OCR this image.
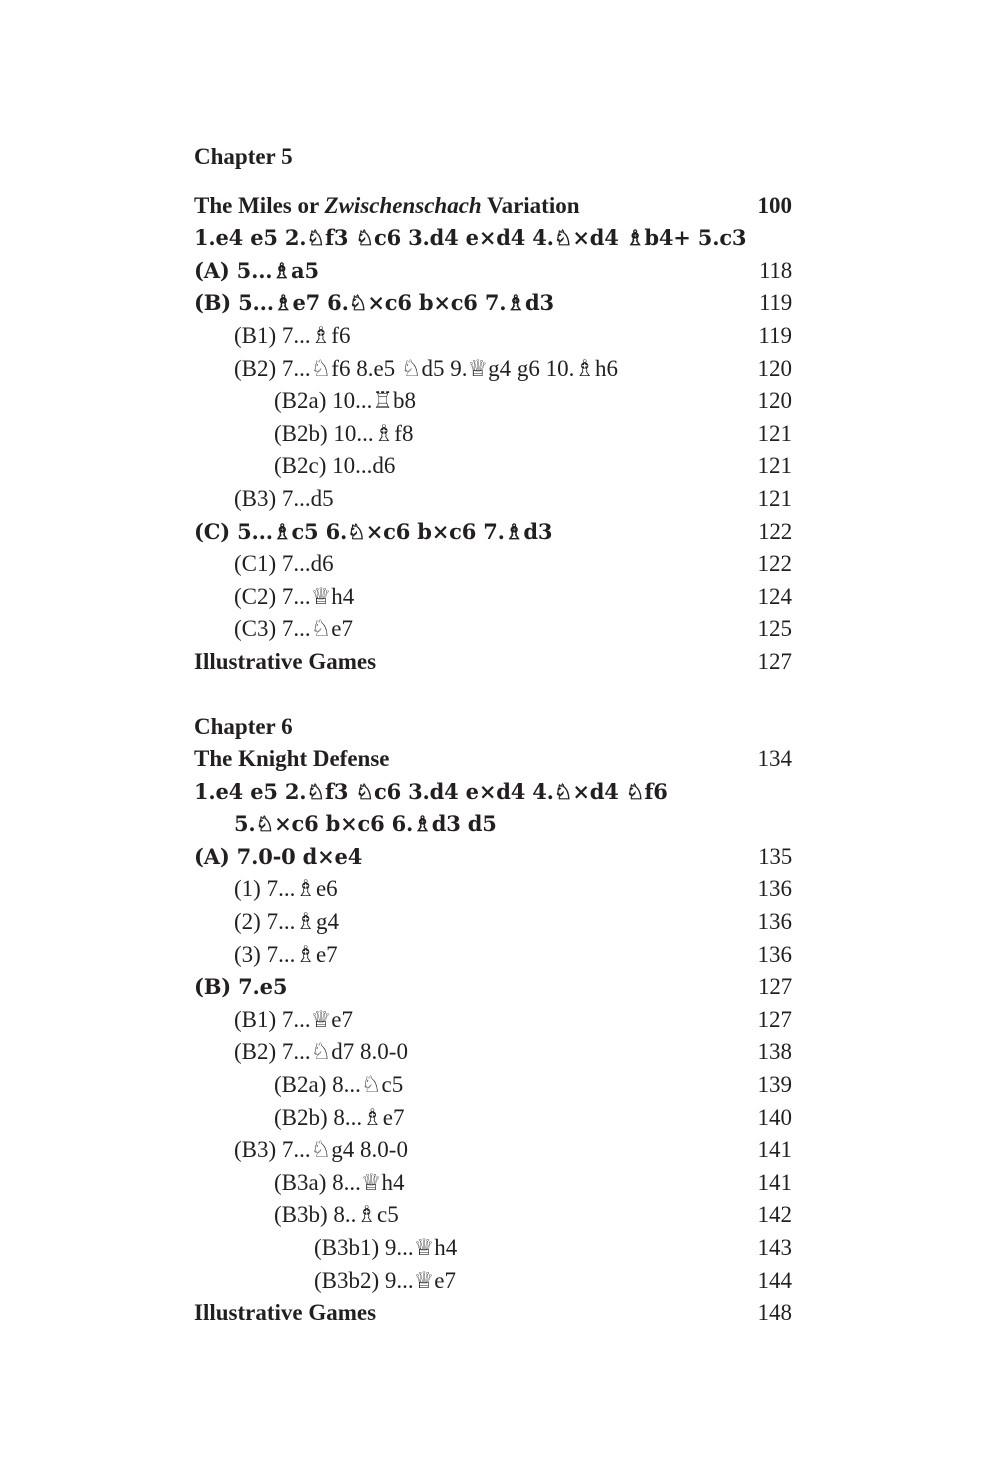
Chapter 5
The Miles or Zwischenschach Variation	100
1.e4 e5 2.♘f3 ♘c6 3.d4 e×d4 4.♘×d4 ♗b4+ 5.c3
(A) 5...♗a5	118
(B) 5...♗e7 6.♘×c6 b×c6 7.♗d3	119
(B1) 7...♗f6	119
(B2) 7...♘f6 8.e5 ♘d5 9.♕g4 g6 10.♗h6	120
(B2a) 10...♖b8	120
(B2b) 10...♗f8	121
(B2c) 10...d6	121
(B3) 7...d5	121
(C) 5...♗c5 6.♘×c6 b×c6 7.♗d3	122
(C1) 7...d6	122
(C2) 7...♕h4	124
(C3) 7...♘e7	125
Illustrative Games	127
Chapter 6
The Knight Defense	134
1.e4 e5 2.♘f3 ♘c6 3.d4 e×d4 4.♘×d4 ♘f6
5.♘×c6 b×c6 6.♗d3 d5
(A) 7.0-0 d×e4	135
(1) 7...♗e6	136
(2) 7...♗g4	136
(3) 7...♗e7	136
(B) 7.e5	127
(B1) 7...♕e7	127
(B2) 7...♘d7 8.0-0	138
(B2a) 8...♘c5	139
(B2b) 8...♗e7	140
(B3) 7...♘g4 8.0-0	141
(B3a) 8...♕h4	141
(B3b) 8..♗c5	142
(B3b1) 9...♕h4	143
(B3b2) 9...♕e7	144
Illustrative Games	148
